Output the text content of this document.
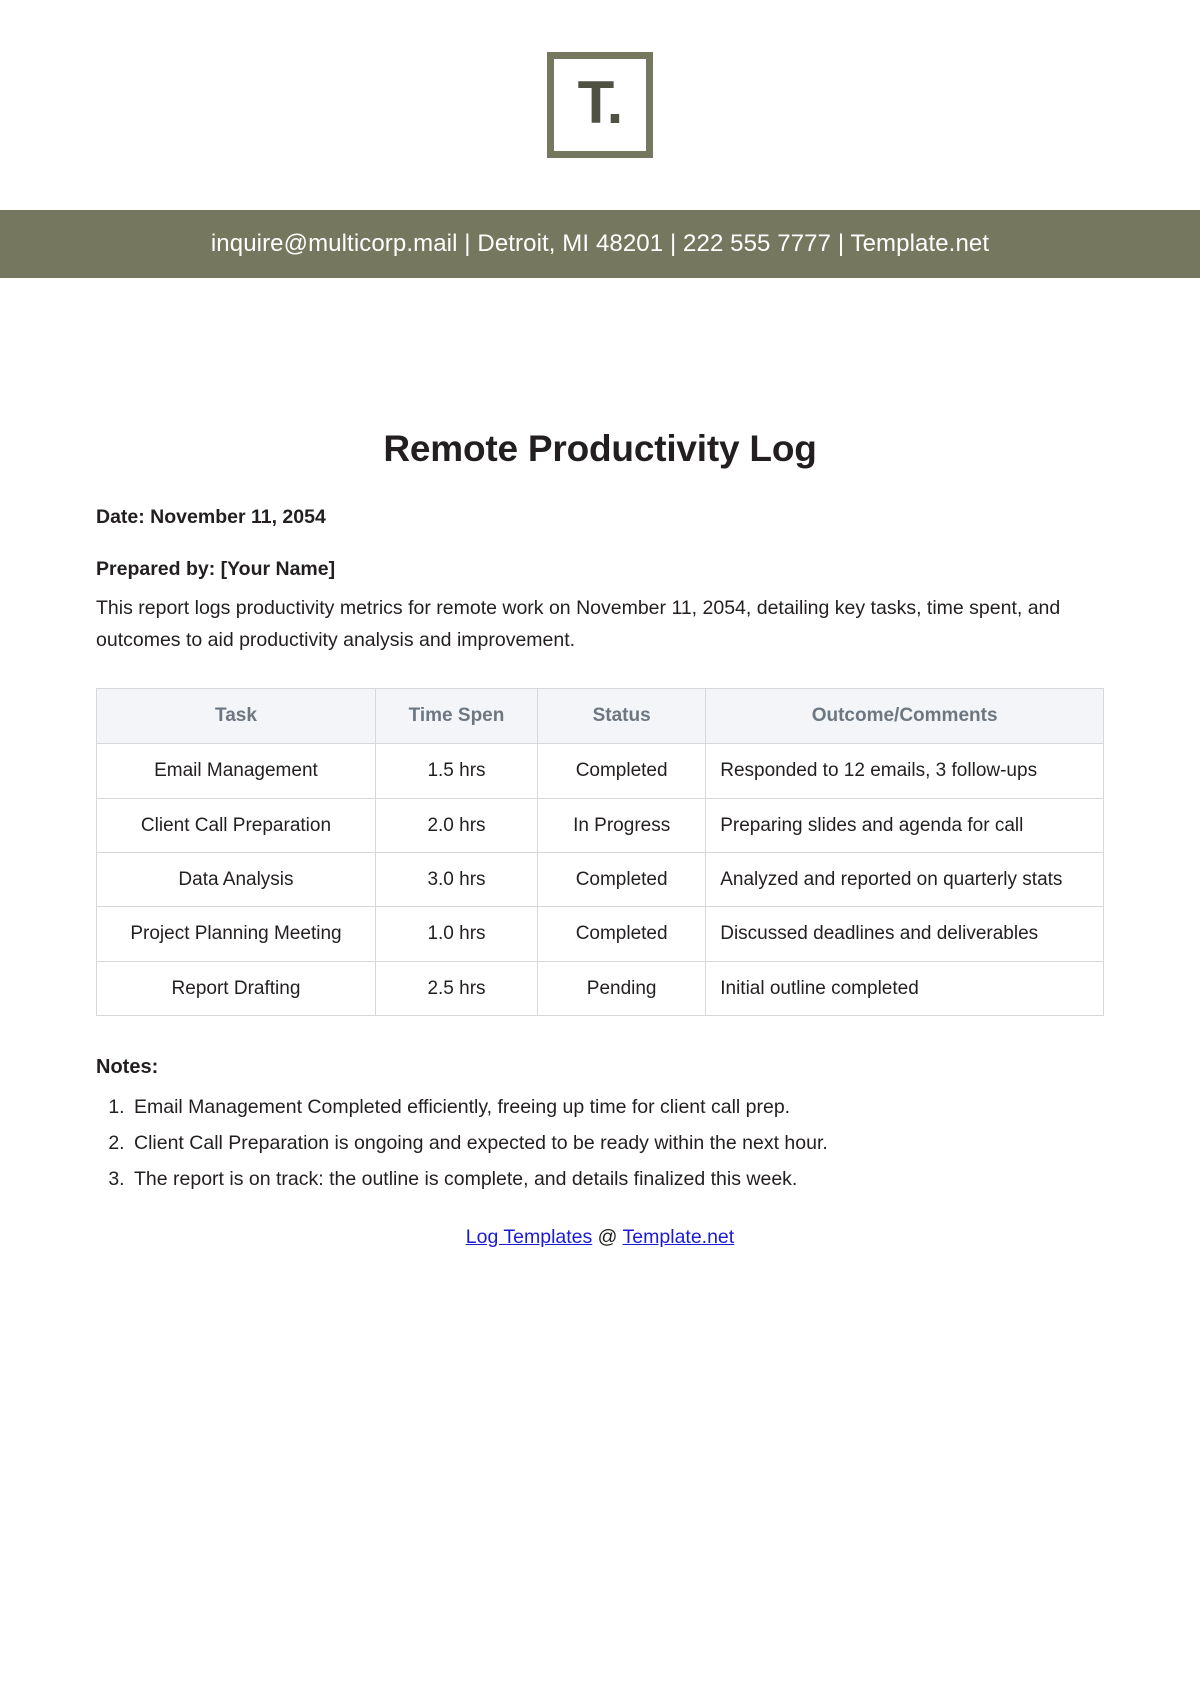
T.
inquire@multicorp.mail | Detroit, MI 48201 | 222 555 7777 | Template.net
Remote Productivity Log
Date: November 11, 2054
Prepared by: [Your Name]

This report logs productivity metrics for remote work on November 11, 2054, detailing key tasks, time spent, and outcomes to aid productivity analysis and improvement.

Task	Time Spen	Status	Outcome/Comments
Email Management	1.5 hrs	Completed	Responded to 12 emails, 3 follow-ups
Client Call Preparation	2.0 hrs	In Progress	Preparing slides and agenda for call
Data Analysis	3.0 hrs	Completed	Analyzed and reported on quarterly stats
Project Planning Meeting	1.0 hrs	Completed	Discussed deadlines and deliverables
Report Drafting	2.5 hrs	Pending	Initial outline completed
Notes:
1. Email Management Completed efficiently, freeing up time for client call prep.
2. Client Call Preparation is ongoing and expected to be ready within the next hour.
3. The report is on track: the outline is complete, and details finalized this week.
Log Templates @ Template.net
